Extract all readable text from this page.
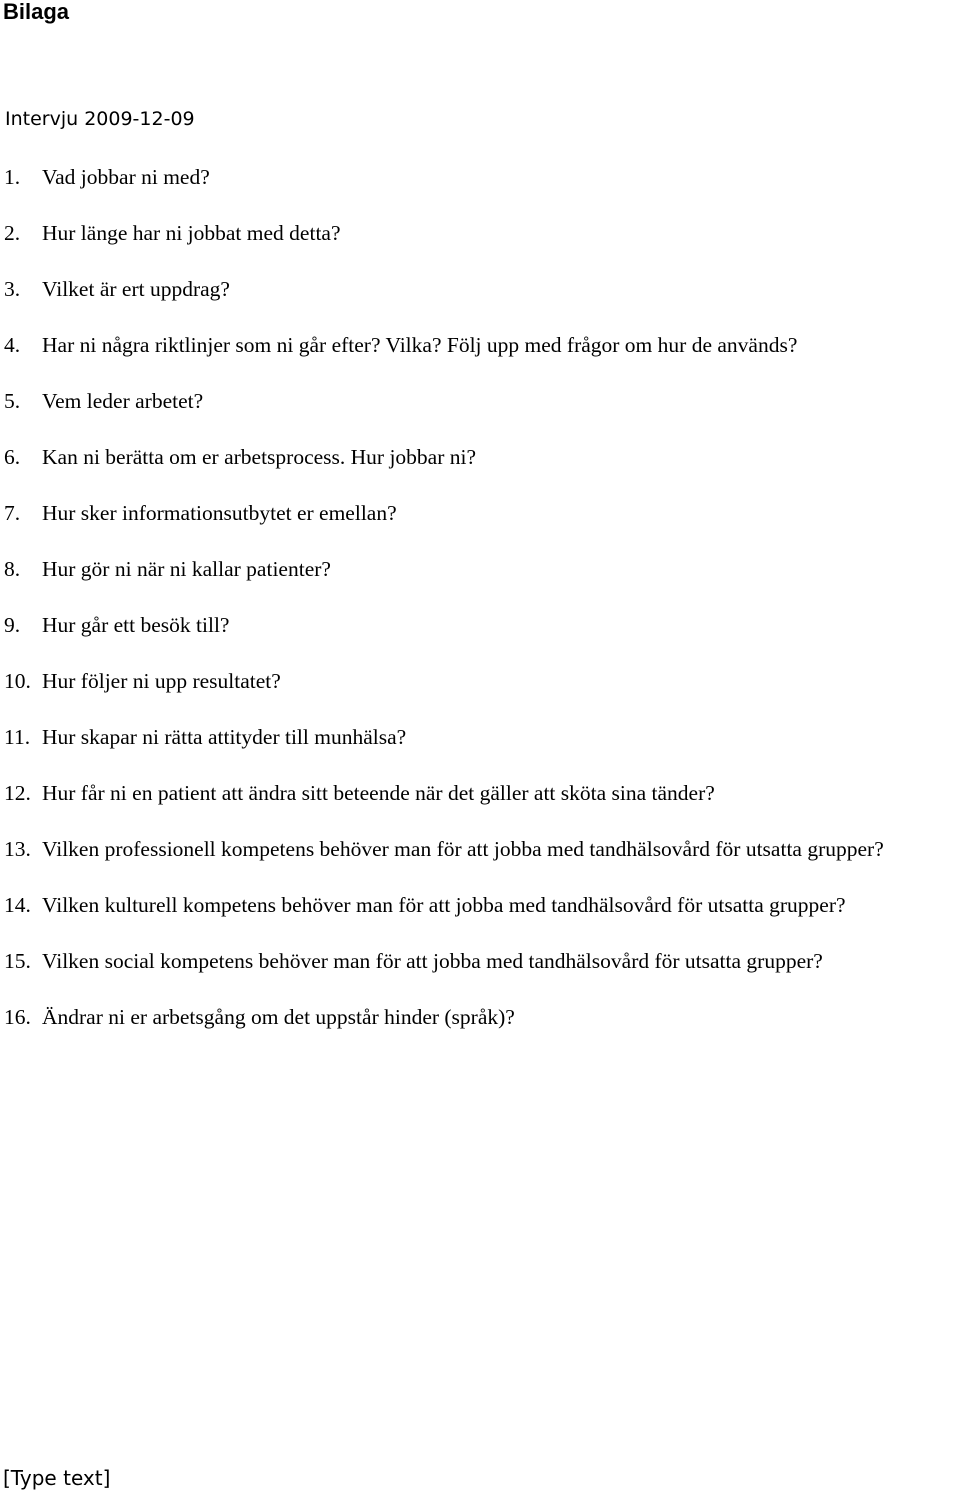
Bilaga
Intervju 2009-12-09
1.	Vad jobbar ni med?
2.	Hur länge har ni jobbat med detta?
3.	Vilket är ert uppdrag?
4.	Har ni några riktlinjer som ni går efter? Vilka? Följ upp med frågor om hur de används?
5.	Vem leder arbetet?
6.	Kan ni berätta om er arbetsprocess. Hur jobbar ni?
7.	Hur sker informationsutbytet er emellan?
8.	Hur gör ni när ni kallar patienter?
9.	Hur går ett besök till?
10. Hur följer ni upp resultatet?
11. Hur skapar ni rätta attityder till munhälsa?
12. Hur får ni en patient att ändra sitt beteende när det gäller att sköta sina tänder?
13. Vilken professionell kompetens behöver man för att jobba med tandhälsovård för utsatta grupper?
14. Vilken kulturell kompetens behöver man för att jobba med tandhälsovård för utsatta grupper?
15. Vilken social kompetens behöver man för att jobba med tandhälsovård för utsatta grupper?
16. Ändrar ni er arbetsgång om det uppstår hinder (språk)?
[Type text]
